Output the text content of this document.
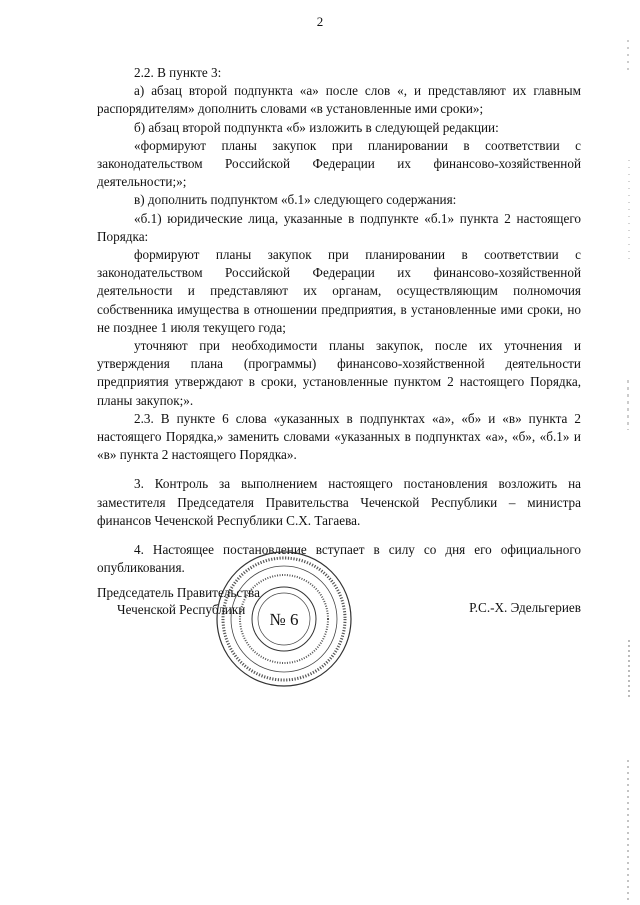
2

2.2. В пункте 3:

а) абзац второй подпункта «а» после слов «, и представляют их главным распорядителям» дополнить словами «в установленные ими сроки»;

б) абзац второй подпункта «б» изложить в следующей редакции:

«формируют планы закупок при планировании в соответствии с законодательством Российской Федерации их финансово-хозяйственной деятельности;»;

в) дополнить подпунктом «б.1» следующего содержания:

«б.1) юридические лица, указанные в подпункте «б.1» пункта 2 настоящего Порядка:

формируют планы закупок при планировании в соответствии с законодательством Российской Федерации их финансово-хозяйственной деятельности и представляют их органам, осуществляющим полномочия собственника имущества в отношении предприятия, в установленные ими сроки, но не позднее 1 июля текущего года;

уточняют при необходимости планы закупок, после их уточнения и утверждения плана (программы) финансово-хозяйственной деятельности предприятия утверждают в сроки, установленные пунктом 2 настоящего Порядка, планы закупок;».

2.3. В пункте 6 слова «указанных в подпунктах «а», «б» и «в» пункта 2 настоящего Порядка,» заменить словами «указанных в подпунктах «а», «б», «б.1» и «в» пункта 2 настоящего Порядка».

3. Контроль за выполнением настоящего постановления возложить на заместителя Председателя Правительства Чеченской Республики – министра финансов Чеченской Республики С.Х. Тагаева.

4. Настоящее постановление вступает в силу со дня его официального опубликования.

№ 6
Председатель Правительства
Чеченской Республики	Р.С.-Х. Эдельгериев
